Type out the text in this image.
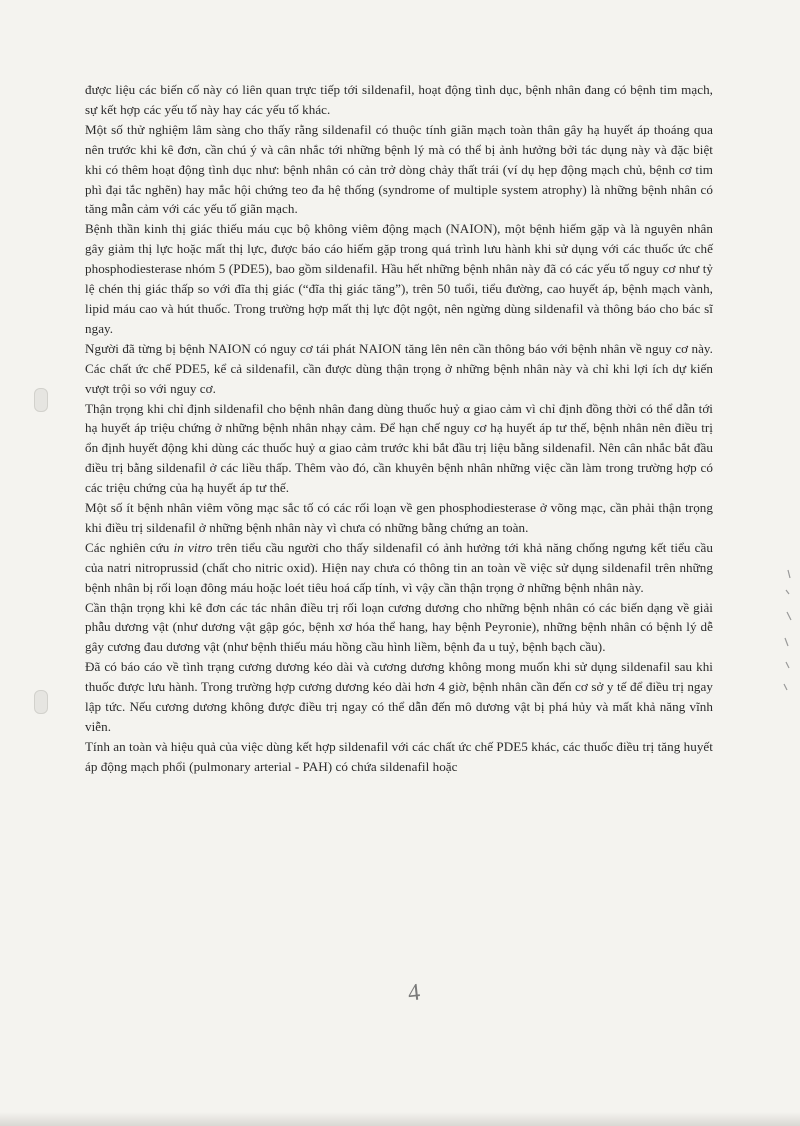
được liệu các biến cố này có liên quan trực tiếp tới sildenafil, hoạt động tình dục, bệnh nhân đang có bệnh tim mạch, sự kết hợp các yếu tố này hay các yếu tố khác.

Một số thử nghiệm lâm sàng cho thấy rằng sildenafil có thuộc tính giãn mạch toàn thân gây hạ huyết áp thoáng qua nên trước khi kê đơn, cần chú ý và cân nhắc tới những bệnh lý mà có thể bị ảnh hưởng bởi tác dụng này và đặc biệt khi có thêm hoạt động tình dục như: bệnh nhân có cản trở dòng chảy thất trái (ví dụ hẹp động mạch chủ, bệnh cơ tim phì đại tắc nghẽn) hay mắc hội chứng teo đa hệ thống (syndrome of multiple system atrophy) là những bệnh nhân có tăng mẫn cảm với các yếu tố giãn mạch.

Bệnh thần kinh thị giác thiếu máu cục bộ không viêm động mạch (NAION), một bệnh hiếm gặp và là nguyên nhân gây giảm thị lực hoặc mất thị lực, được báo cáo hiếm gặp trong quá trình lưu hành khi sử dụng với các thuốc ức chế phosphodiesterase nhóm 5 (PDE5), bao gồm sildenafil. Hầu hết những bệnh nhân này đã có các yếu tố nguy cơ như tỷ lệ chén thị giác thấp so với đĩa thị giác (“đĩa thị giác tăng”), trên 50 tuổi, tiểu đường, cao huyết áp, bệnh mạch vành, lipid máu cao và hút thuốc. Trong trường hợp mất thị lực đột ngột, nên ngừng dùng sildenafil và thông báo cho bác sĩ ngay.

Người đã từng bị bệnh NAION có nguy cơ tái phát NAION tăng lên nên cần thông báo với bệnh nhân về nguy cơ này. Các chất ức chế PDE5, kể cả sildenafil, cần được dùng thận trọng ở những bệnh nhân này và chỉ khi lợi ích dự kiến vượt trội so với nguy cơ.

Thận trọng khi chỉ định sildenafil cho bệnh nhân đang dùng thuốc huỷ α giao cảm vì chỉ định đồng thời có thể dẫn tới hạ huyết áp triệu chứng ở những bệnh nhân nhạy cảm. Để hạn chế nguy cơ hạ huyết áp tư thế, bệnh nhân nên điều trị ổn định huyết động khi dùng các thuốc huỷ α giao cảm trước khi bắt đầu trị liệu bằng sildenafil. Nên cân nhắc bắt đầu điều trị bằng sildenafil ở các liều thấp. Thêm vào đó, cần khuyên bệnh nhân những việc cần làm trong trường hợp có các triệu chứng của hạ huyết áp tư thế.

Một số ít bệnh nhân viêm võng mạc sắc tố có các rối loạn về gen phosphodiesterase ở võng mạc, cần phải thận trọng khi điều trị sildenafil ở những bệnh nhân này vì chưa có những bằng chứng an toàn.

Các nghiên cứu in vitro trên tiểu cầu người cho thấy sildenafil có ảnh hưởng tới khả năng chống ngưng kết tiểu cầu của natri nitroprussid (chất cho nitric oxid). Hiện nay chưa có thông tin an toàn về việc sử dụng sildenafil trên những bệnh nhân bị rối loạn đông máu hoặc loét tiêu hoá cấp tính, vì vậy cần thận trọng ở những bệnh nhân này.

Cần thận trọng khi kê đơn các tác nhân điều trị rối loạn cương dương cho những bệnh nhân có các biến dạng về giải phẫu dương vật (như dương vật gập góc, bệnh xơ hóa thể hang, hay bệnh Peyronie), những bệnh nhân có bệnh lý dễ gây cương đau dương vật (như bệnh thiếu máu hồng cầu hình liềm, bệnh đa u tuỷ, bệnh bạch cầu).

Đã có báo cáo về tình trạng cương dương kéo dài và cương dương không mong muốn khi sử dụng sildenafil sau khi thuốc được lưu hành. Trong trường hợp cương dương kéo dài hơn 4 giờ, bệnh nhân cần đến cơ sở y tế để điều trị ngay lập tức. Nếu cương dương không được điều trị ngay có thể dẫn đến mô dương vật bị phá hủy và mất khả năng vĩnh viễn.

Tính an toàn và hiệu quả của việc dùng kết hợp sildenafil với các chất ức chế PDE5 khác, các thuốc điều trị tăng huyết áp động mạch phổi (pulmonary arterial - PAH) có chứa sildenafil hoặc

4
